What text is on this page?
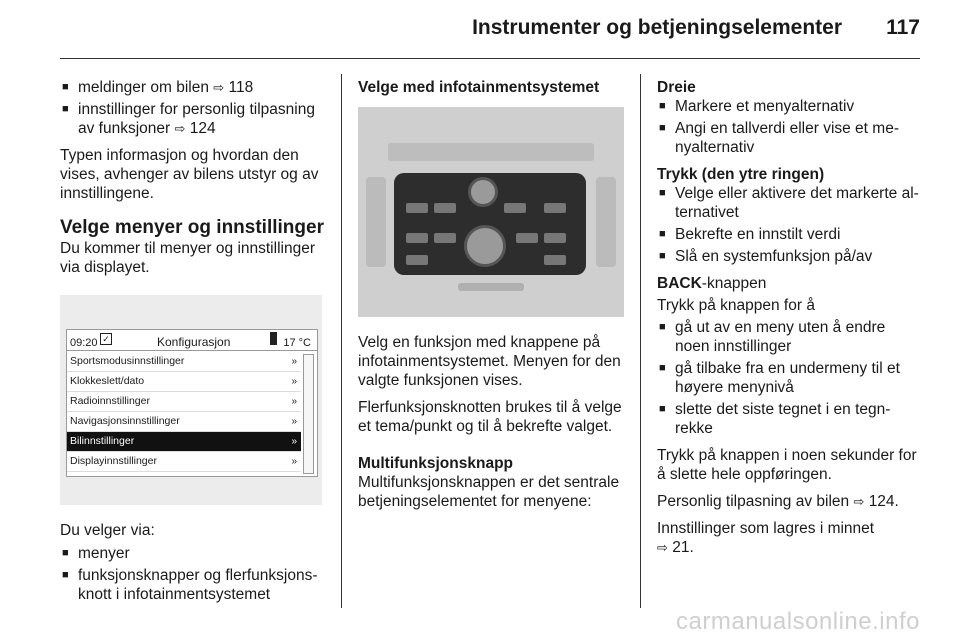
Instrumenter og betjeningselementer 117
■ meldinger om bilen ⇨ 118
■ innstillinger for personlig tilpasning av funksjoner ⇨ 124

Typen informasjon og hvordan den vises, avhenger av bilens utstyr og av innstillingene.

Velge menyer og innstillinger

Du kommer til menyer og innstillinger via displayet.

09:20 ✓	Konfigurasjon	17 °C
Sportsmodusinnstillinger	»
Klokkeslett/dato	»
Radioinnstillinger	»
Navigasjonsinnstillinger	»
Bilinnstillinger	»
Displayinnstillinger	»

Du velger via:

■ menyer
■ funksjonsknapper og flerfunksjonsknott i infotainmentsystemet
Velge med infotainmentsystemet

Velg en funksjon med knappene på infotainmentsystemet. Menyen for den valgte funksjonen vises.

Flerfunksjonsknotten brukes til å velge et tema/punkt og til å bekrefte valget.

Multifunksjonsknapp

Multifunksjonsknappen er det sentrale betjeningselementet for menyene:

Dreie
■ Markere et menyalternativ
■ Angi en tallverdi eller vise et menyalternativ
Trykk (den ytre ringen)
■ Velge eller aktivere det markerte alternativet
■ Bekrefte en innstilt verdi
■ Slå en systemfunksjon på/av

BACK-knappen

Trykk på knappen for å

■ gå ut av en meny uten å endre noen innstillinger
■ gå tilbake fra en undermeny til et høyere menynivå
■ slette det siste tegnet i en tegnrekke

Trykk på knappen i noen sekunder for å slette hele oppføringen.

Personlig tilpasning av bilen ⇨ 124.

Innstillinger som lagres i minnet
⇨ 21.

carmanualsonline.info
